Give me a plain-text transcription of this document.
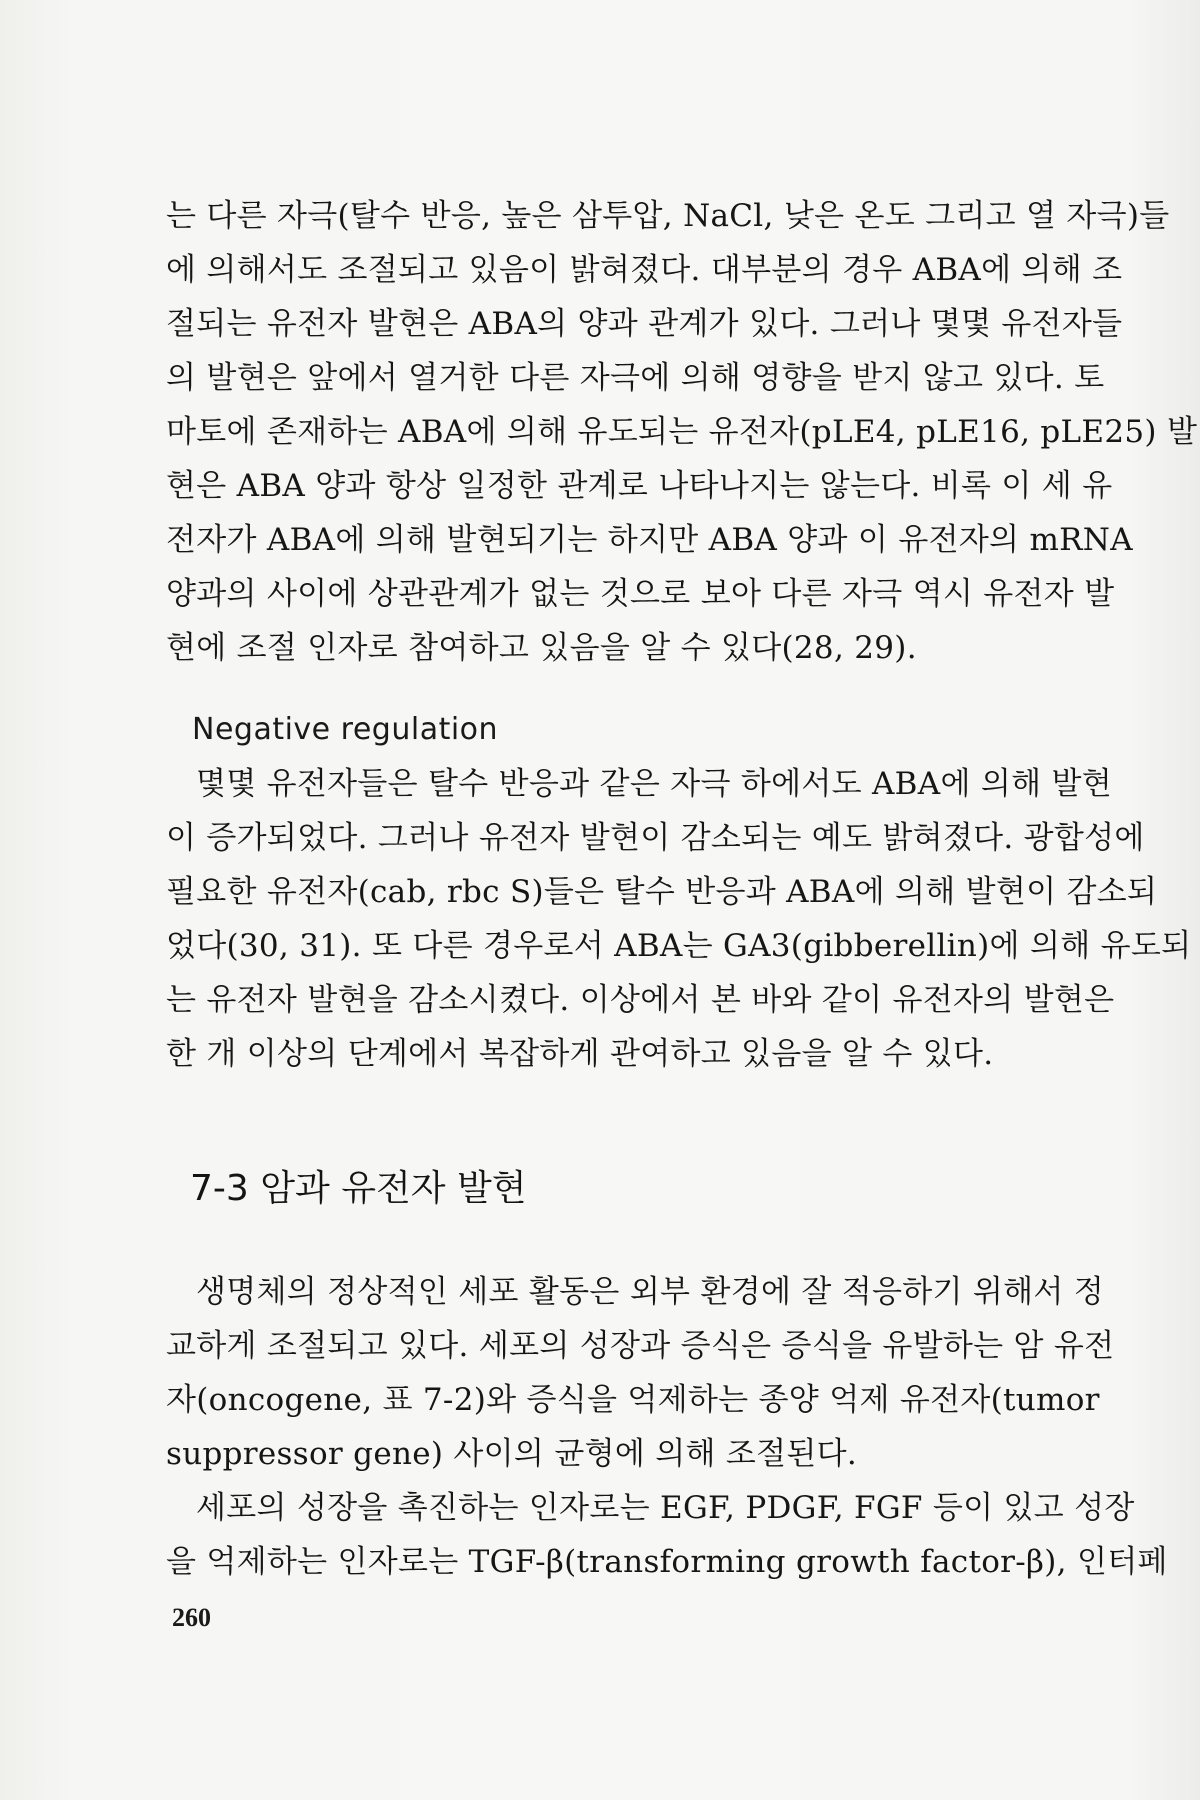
는 다른 자극(탈수 반응, 높은 삼투압, NaCl, 낮은 온도 그리고 열 자극)들
에 의해서도 조절되고 있음이 밝혀졌다. 대부분의 경우 ABA에 의해 조
절되는 유전자 발현은 ABA의 양과 관계가 있다. 그러나 몇몇 유전자들
의 발현은 앞에서 열거한 다른 자극에 의해 영향을 받지 않고 있다. 토
마토에 존재하는 ABA에 의해 유도되는 유전자(pLE4, pLE16, pLE25) 발
현은 ABA 양과 항상 일정한 관계로 나타나지는 않는다. 비록 이 세 유
전자가 ABA에 의해 발현되기는 하지만 ABA 양과 이 유전자의 mRNA
양과의 사이에 상관관계가 없는 것으로 보아 다른 자극 역시 유전자 발
현에 조절 인자로 참여하고 있음을 알 수 있다(28, 29).
Negative regulation
몇몇 유전자들은 탈수 반응과 같은 자극 하에서도 ABA에 의해 발현
이 증가되었다. 그러나 유전자 발현이 감소되는 예도 밝혀졌다. 광합성에
필요한 유전자(cab, rbc S)들은 탈수 반응과 ABA에 의해 발현이 감소되
었다(30, 31). 또 다른 경우로서 ABA는 GA3(gibberellin)에 의해 유도되
는 유전자 발현을 감소시켰다. 이상에서 본 바와 같이 유전자의 발현은
한 개 이상의 단계에서 복잡하게 관여하고 있음을 알 수 있다.
7-3 암과 유전자 발현
생명체의 정상적인 세포 활동은 외부 환경에 잘 적응하기 위해서 정
교하게 조절되고 있다. 세포의 성장과 증식은 증식을 유발하는 암 유전
자(oncogene, 표 7-2)와 증식을 억제하는 종양 억제 유전자(tumor
suppressor gene) 사이의 균형에 의해 조절된다.
세포의 성장을 촉진하는 인자로는 EGF, PDGF, FGF 등이 있고 성장
을 억제하는 인자로는 TGF-β(transforming growth factor-β), 인터페
260
